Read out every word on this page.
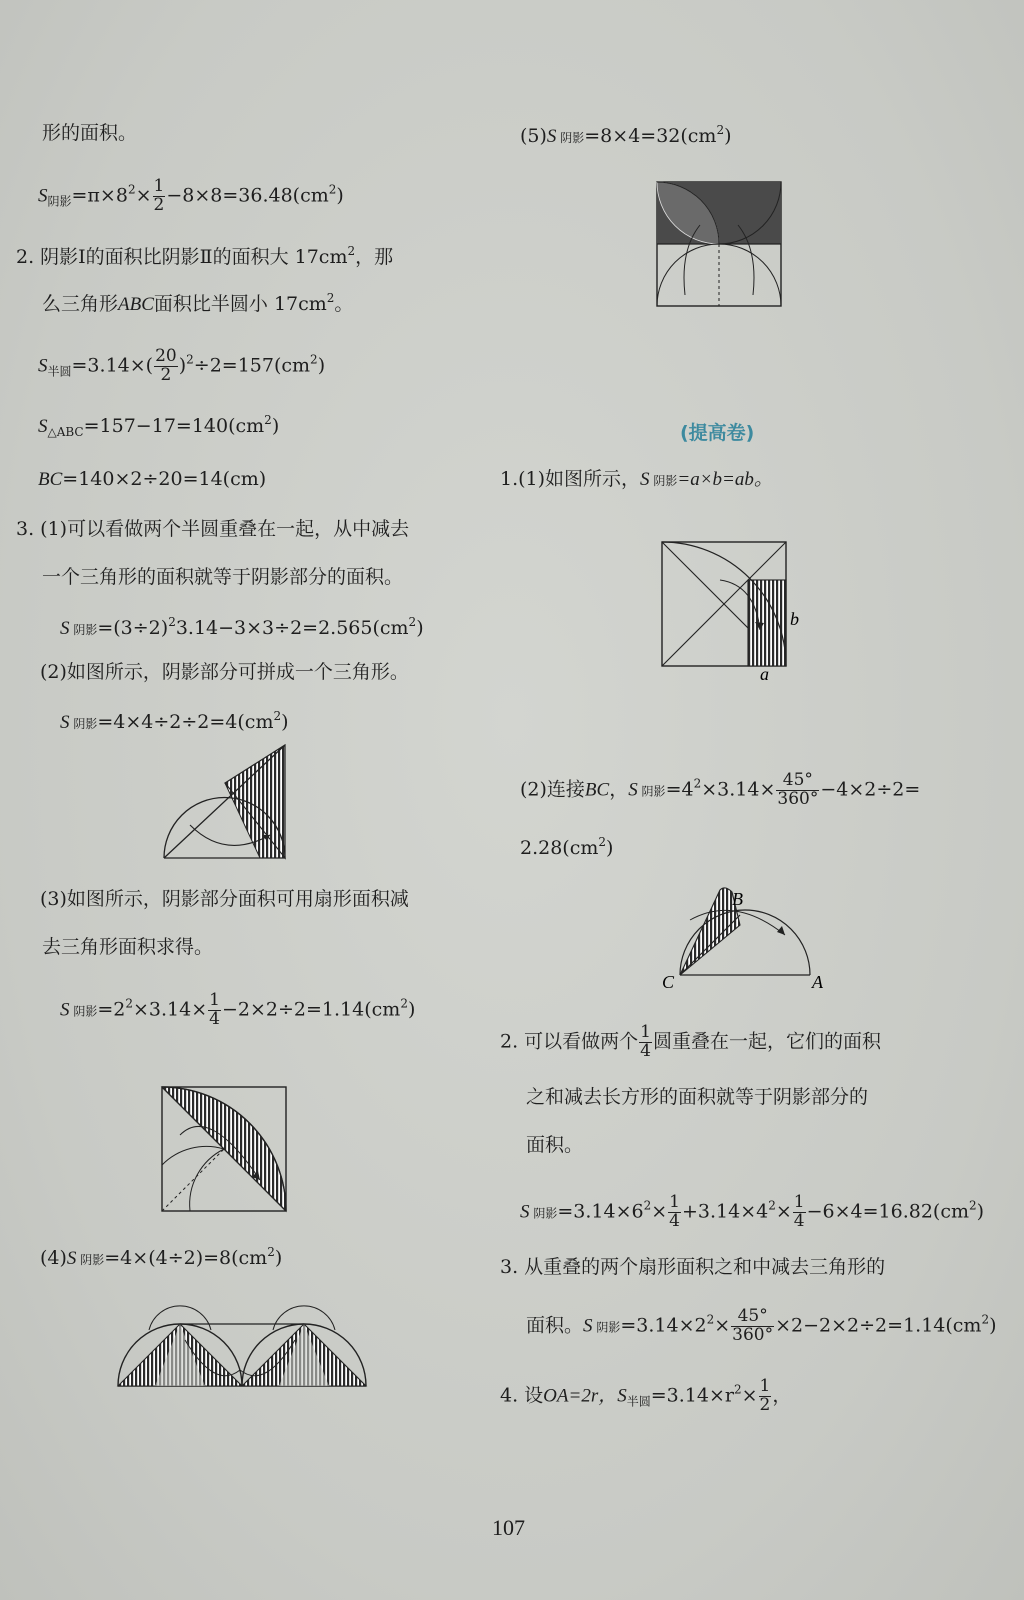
形的面积。
$S_{阴影}=\pi\times 8^2\times \frac{1}{2} -8\times 8=36.48(cm^2)$
2. 阴影Ⅰ的面积比阴影Ⅱ的面积大 $17cm^2$，那
么三角形ABC面积比半圆小 $17cm^2$。
$S_{半圆}=3.14\times( \frac{20}{2} )^2\div 2=157(cm^2)$
$S_{\triangle ABC}=157-17=140(cm^2)$
BC=140×2÷20=14(cm)
3. (1)可以看做两个半圆重叠在一起，从中减去
一个三角形的面积就等于阴影部分的面积。
S 阴影$=(3\div 2)^23.14-3\times 3\div 2=2.565(cm^2)$
(2)如图所示，阴影部分可拼成一个三角形。
S 阴影$=4\times 4\div 2\div 2=4(cm^2)$
(3)如图所示，阴影部分面积可用扇形面积减
去三角形面积求得。
S 阴影$=2^2\times 3.14\times \frac{1}{4} -2\times 2\div 2=1.14(cm^2)$
(4)S 阴影$=4\times(4\div 2)=8(cm^2)$
(5)S 阴影$=8\times 4=32(cm^2)$
(提高卷)
1.(1)如图所示，S 阴影=a×b=ab。
b
a
(2)连接BC，S 阴影$=4^2\times 3.14\times \frac{45^\circ}{360^\circ} -4\times 2\div 2=$
$2.28(cm^2)$
B
C	A
2. 可以看做两个 $\frac{1}{4}$ 圆重叠在一起，它们的面积
之和减去长方形的面积就等于阴影部分的
面积。
S 阴影$=3.14\times 6^2\times \frac{1}{4} +3.14\times 4^2\times \frac{1}{4} -6\times 4=16.82(cm^2)$
3. 从重叠的两个扇形面积之和中减去三角形的
面积。S 阴影$=3.14\times 2^2\times \frac{45^\circ}{360^\circ} \times 2-2\times 2\div 2=1.14(cm^2)$
4. 设OA=2r，$S_{半圆}=3.14\times r^2\times \frac{1}{2}$ ，
107
